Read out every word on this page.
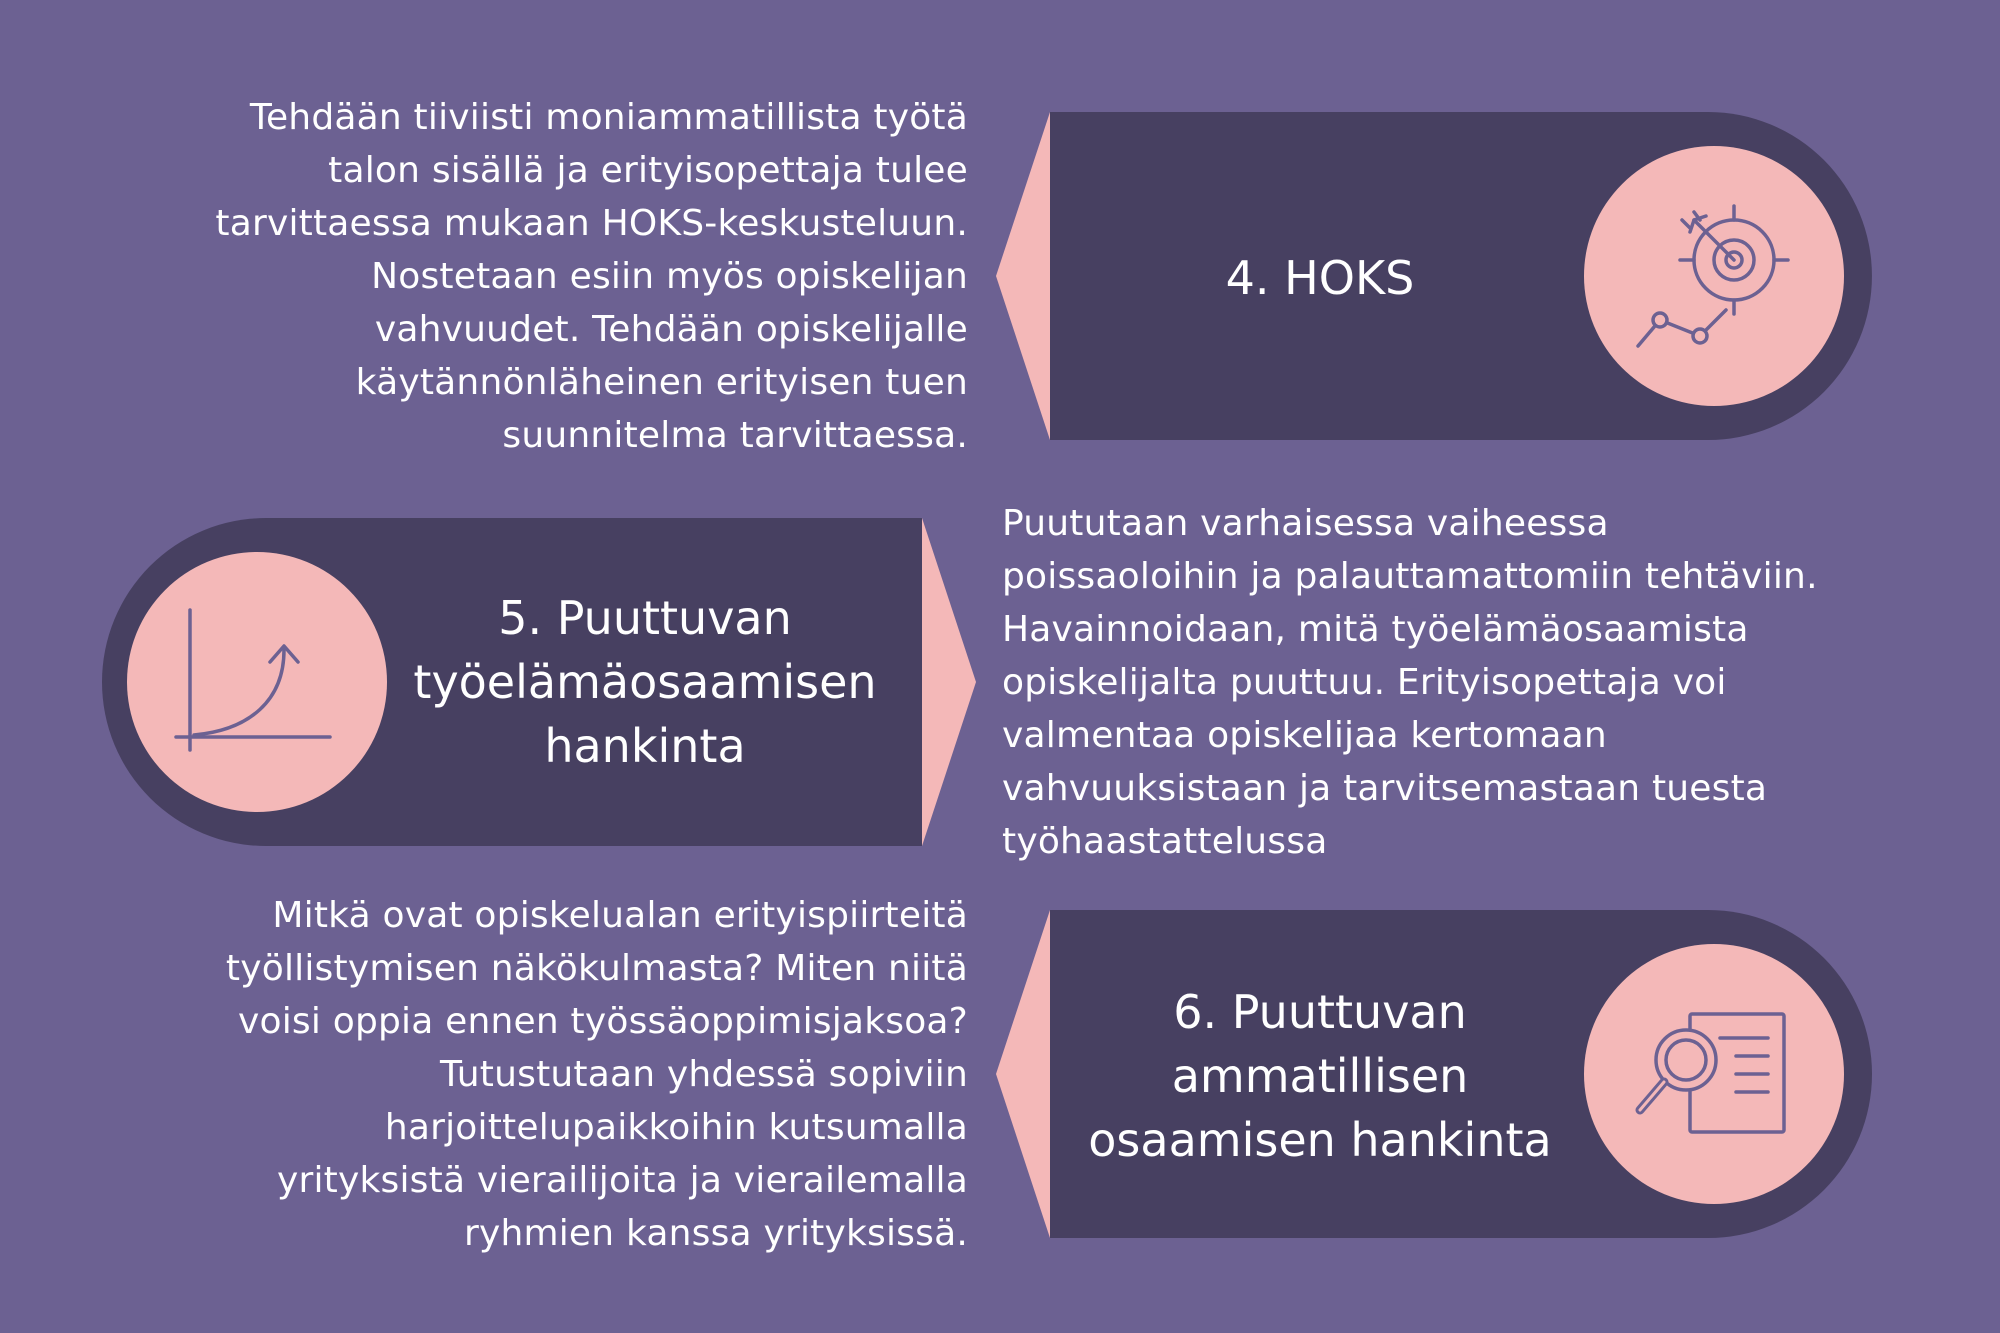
4. HOKS
5. Puuttuvan
työelämäosaamisen
hankinta
6. Puuttuvan
ammatillisen
osaamisen hankinta
Tehdään tiiviisti moniammatillista työtä
talon sisällä ja erityisopettaja tulee
tarvittaessa mukaan HOKS-keskusteluun.
Nostetaan esiin myös opiskelijan
vahvuudet. Tehdään opiskelijalle
käytännönläheinen erityisen tuen
suunnitelma tarvittaessa.
Puututaan varhaisessa vaiheessa
poissaoloihin ja palauttamattomiin tehtäviin.
Havainnoidaan, mitä työelämäosaamista
opiskelijalta puuttuu. Erityisopettaja voi
valmentaa opiskelijaa kertomaan
vahvuuksistaan ja tarvitsemastaan tuesta
työhaastattelussa
Mitkä ovat opiskelualan erityispiirteitä
työllistymisen näkökulmasta? Miten niitä
voisi oppia ennen työssäoppimisjaksoa?
Tutustutaan yhdessä sopiviin
harjoittelupaikkoihin kutsumalla
yrityksistä vierailijoita ja vierailemalla
ryhmien kanssa yrityksissä.
